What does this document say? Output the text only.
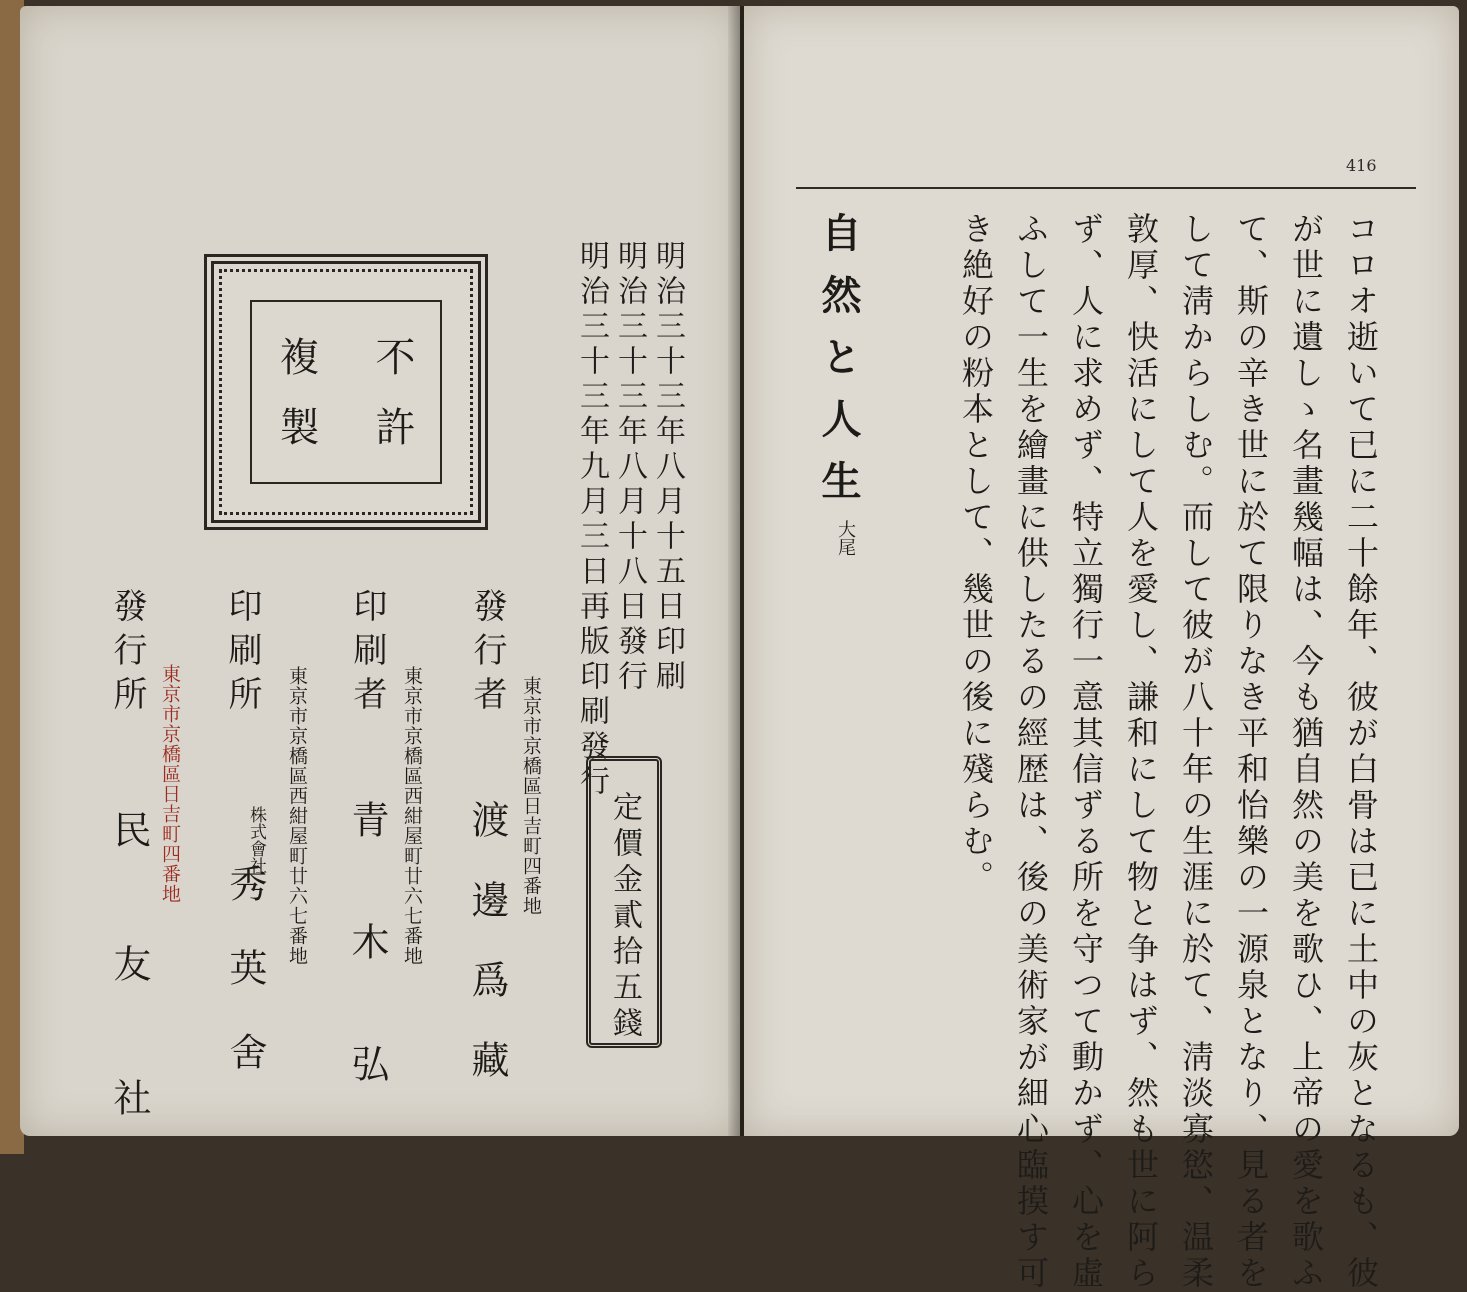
明治三十三年八月十五日印刷
明治三十三年八月十八日發行
明治三十三年九月三日再版印刷發行
不許
複製
定價金貳拾五錢
發行者
東京市京橋區日吉町四番地
渡邊爲藏
印刷者
東京市京橋區西紺屋町廿六七番地
青木弘
印刷所
東京市京橋區西紺屋町廿六七番地
株式會社
秀英舍
發行所
東京市京橋區日吉町四番地
民友社
416
自然と人生
大尾	コロオ逝いて已に二十餘年、彼が白骨は已に土中の灰となるも、彼
が世に遺しゝ名畫幾幅は、今も猶自然の美を歌ひ、上帝の愛を歌ふ
て、斯の辛き世に於て限りなき平和怡樂の一源泉となり、見る者を
して淸からしむ。而して彼が八十年の生涯に於て、淸淡寡慾、温柔
敦厚、快活にして人を愛し、謙和にして物と争はず、然も世に阿ら
ず、人に求めず、特立獨行一意其信ずる所を守つて動かず、心を虛
ふして一生を繪畫に供したるの經歴は、後の美術家が細心臨摸す可
き絶好の粉本として、幾世の後に殘らむ。
